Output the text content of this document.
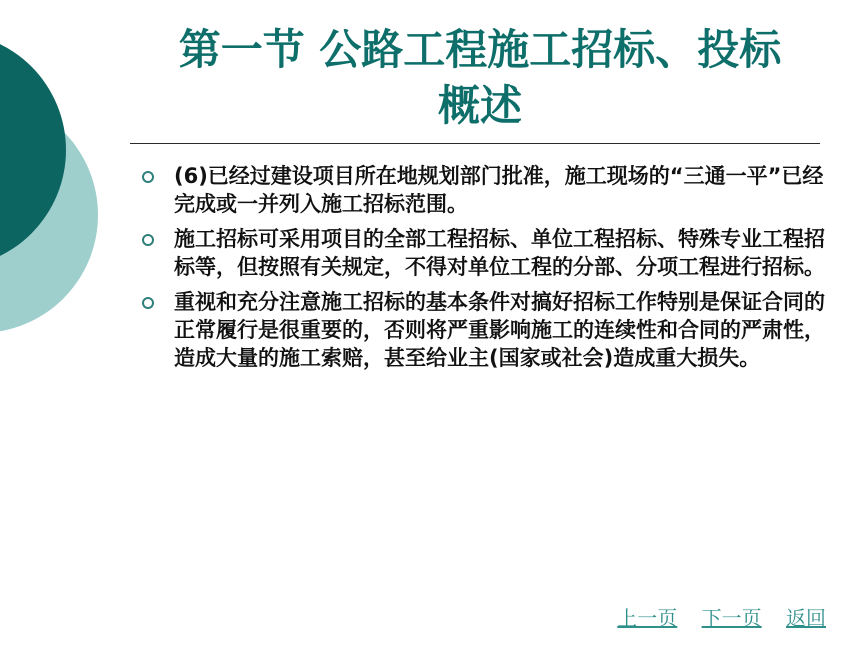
第一节 公路工程施工招标、投标
概述
(6)已经过建设项目所在地规划部门批准，施工现场的“三通一平”已经完成或一并列入施工招标范围。
施工招标可采用项目的全部工程招标、单位工程招标、特殊专业工程招标等，但按照有关规定，不得对单位工程的分部、分项工程进行招标。
重视和充分注意施工招标的基本条件对搞好招标工作特别是保证合同的正常履行是很重要的，否则将严重影响施工的连续性和合同的严肃性，造成大量的施工索赔，甚至给业主(国家或社会)造成重大损失。
上一页 下一页 返回
